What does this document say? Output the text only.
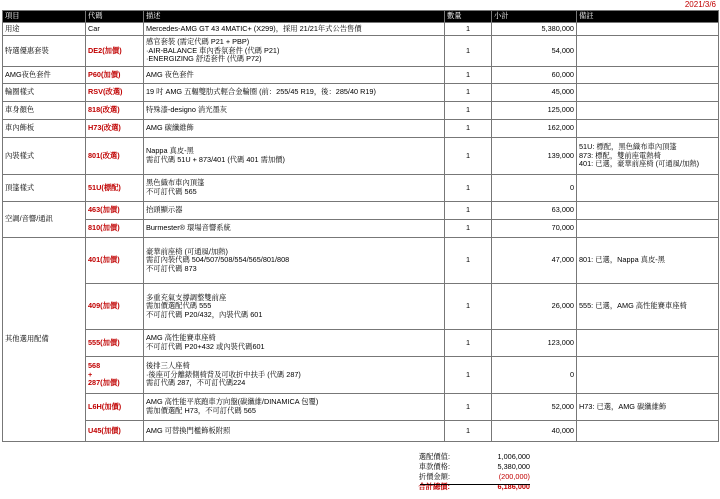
2021/3/6
項目	代碼	描述	數量	小計	備註
用途	Car	Mercedes-AMG GT 43 4MATIC+ (X299)，採用 21/21年式公告售價	1	5,380,000	
特選優惠套裝	DE2(加價)	感官套裝 (需定代碼 P21 + PBP)
·AIR-BALANCE 車內香氛套件 (代碼 P21)
·ENERGIZING 舒适套件 (代碼 P72)	1	54,000	
AMG夜色套件	P60(加價)	AMG 夜色套件	1	60,000	
輪圈樣式	RSV(改選)	19 吋 AMG 五輻雙肋式輕合金輪圈 (前：255/45 R19，後：285/40 R19)	1	45,000	
車身顏色	818(改選)	特殊漆-designo 消光墨灰	1	125,000	
車內飾板	H73(改選)	AMG 碳纖維飾	1	162,000	
內裝樣式	801(改選)	Nappa 真皮-黑
需訂代碼 51U + 873/401 (代碼 401 需加價)	1	139,000	51U: 標配，黑色織布車內頂篷
873: 標配，雙前座電熱椅
401: 已選，豪華前座椅 (可通風/加熱)
頂篷樣式	51U(標配)	黑色織布車內頂篷
不可訂代碼 565	1	0	
空調/音響/通訊	463(加價)	抬頭顯示器	1	63,000	
	810(加價)	Burmester® 環場音響系統	1	70,000	
其他選用配備	401(加價)	豪華前座椅 (可通風/加熱)
需訂內裝代碼 504/507/508/554/565/801/808
不可訂代碼 873	1	47,000	801: 已選，Nappa 真皮-黑
	409(加價)	多重充氣支撐調整雙前座
需加價選配代碼 555
不可訂代碼 P20/432，內裝代碼 601	1	26,000	555: 已選，AMG 高性能賽車座椅
	555(加價)	AMG 高性能賽車座椅
不可訂代碼 P20+432 或內裝代碼601	1	123,000	
	568
+
287(加價)	後排三人座椅
·後座可分離錶側椅背及可收折中扶手 (代碼 287)
需訂代碼 287，不可訂代碼224	1	0	
	L6H(加價)	AMG 高性能平底跑車方向盤(碳纖維/DINAMICA 包覆)
需加價選配 H73，不可訂代碼 565	1	52,000	H73: 已選，AMG 碳纖維飾
	U45(加價)	AMG 可替換門檻飾板附照	1	40,000	
選配價值:	1,006,000
車款價格:	5,380,000
折價金額:	(200,000)
合計總價:	6,186,000
